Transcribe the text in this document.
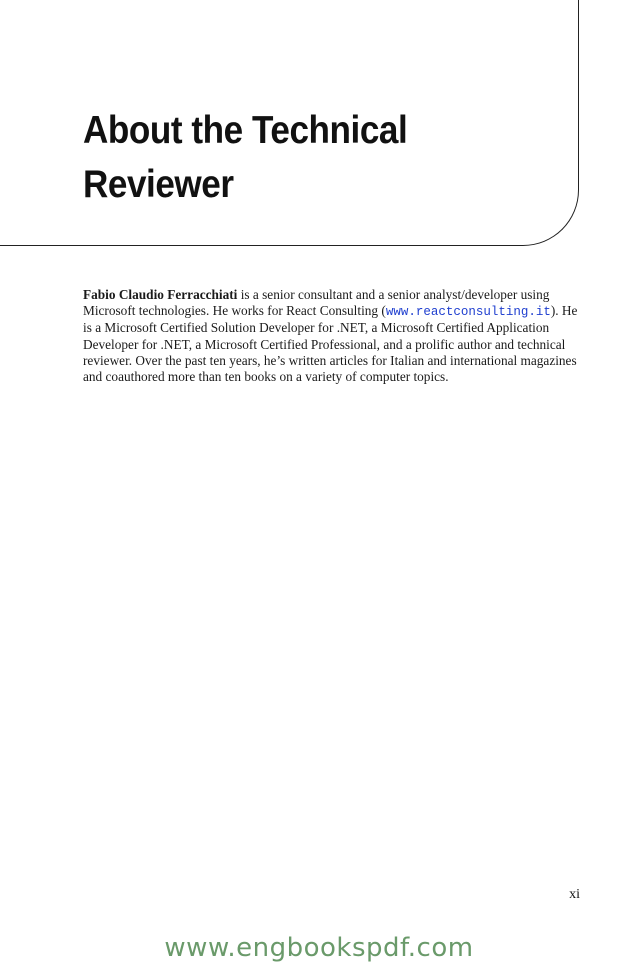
About the Technical
Reviewer

Fabio Claudio Ferracchiati is a senior consultant and a senior analyst/developer using Microsoft technologies. He works for React Consulting (www.reactconsulting.it). He is a Microsoft Certified Solution Developer for .NET, a Microsoft Certified Application Developer for .NET, a Microsoft Certified Professional, and a prolific author and technical reviewer. Over the past ten years, he’s written articles for Italian and international magazines and coauthored more than ten books on a variety of computer topics.

xi
www.engbookspdf.com
